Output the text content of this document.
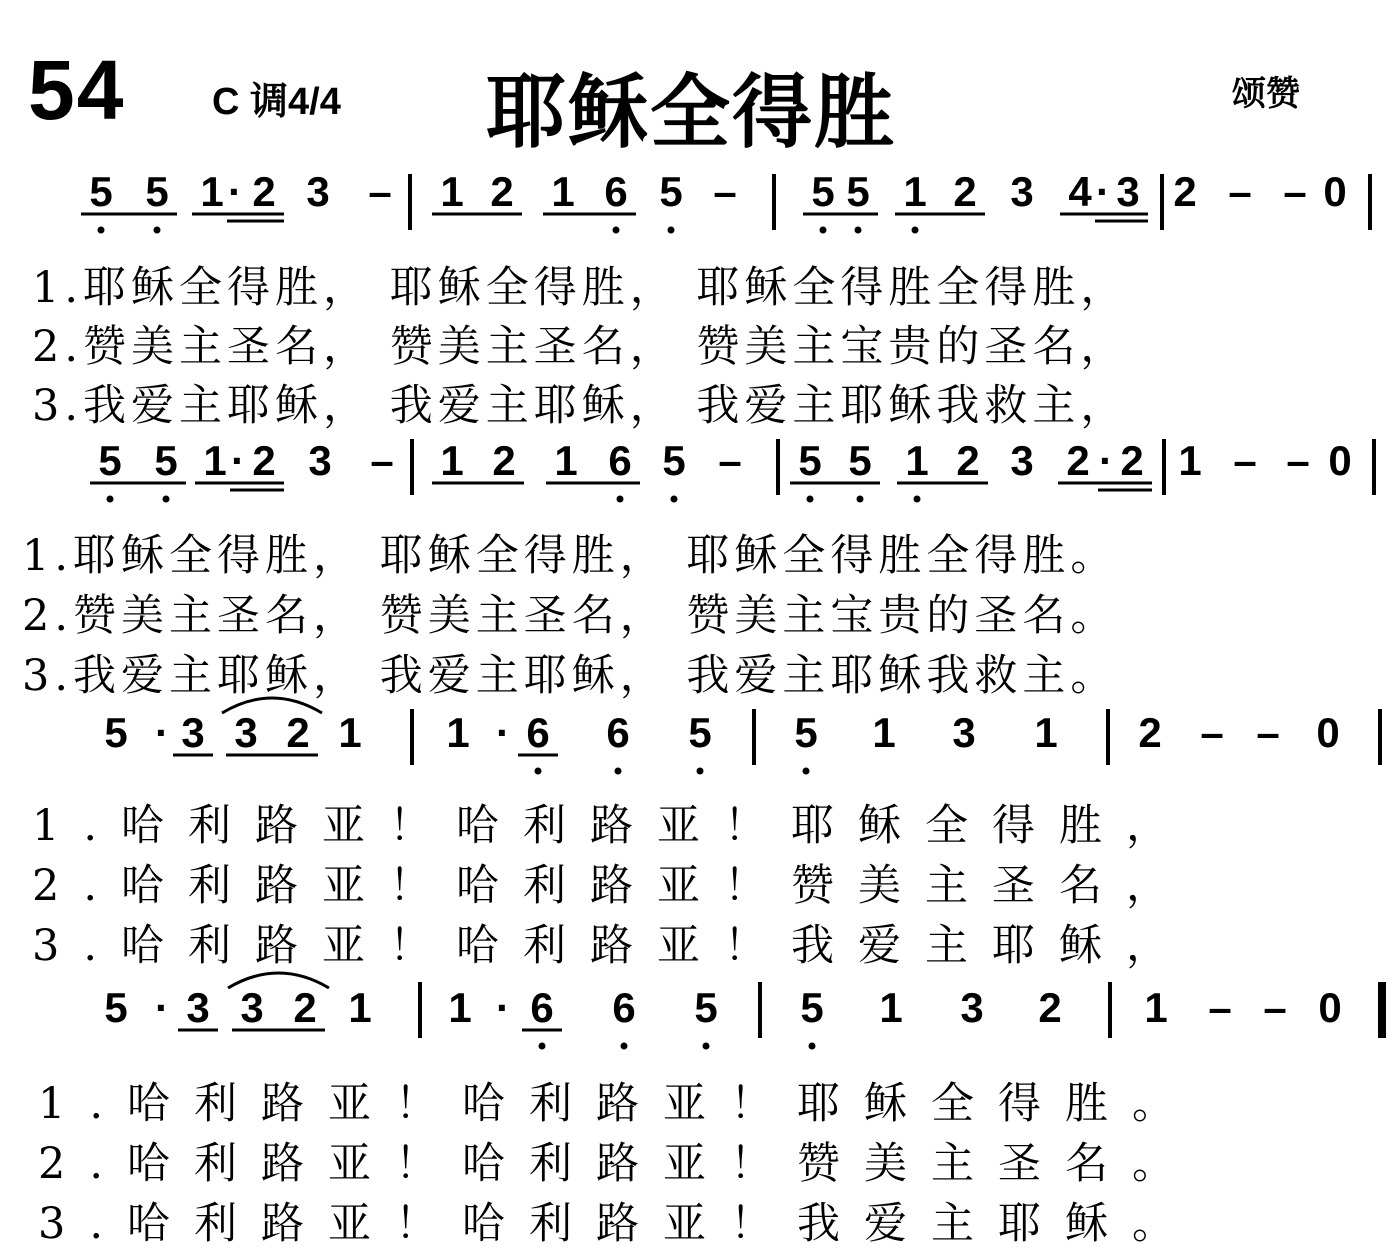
54 C 调4/4 耶稣全得胜	颂赞
5 5 1 · 2 3 – 1 2 1 6 5 – 5 5 1 2 3 4 · 3 2 – – 0
1.耶稣全得胜， 耶稣全得胜， 耶稣全得胜全得胜，
2.赞美主圣名， 赞美主圣名， 赞美主宝贵的圣名，
3.我爱主耶稣， 我爱主耶稣， 我爱主耶稣我救主，
5 5 1 · 2 3 – 1 2 1 6 5 – 5 5 1 2 3 2 · 2 1 – – 0
1.耶稣全得胜， 耶稣全得胜， 耶稣全得胜全得胜。
2.赞美主圣名， 赞美主圣名， 赞美主宝贵的圣名。
3.我爱主耶稣， 我爱主耶稣， 我爱主耶稣我救主。
5 · 3 3 2 1 1 · 6 6 5 5 1 3 1 2 – – 0
1.哈利路亚！哈利路亚！耶稣全得胜，
2.哈利路亚！哈利路亚！赞美主圣名，
3.哈利路亚！哈利路亚！我爱主耶稣，
5 · 3 3 2 1 1 · 6 6 5 5 1 3 2 1 – – 0
1.哈利路亚！哈利路亚！耶稣全得胜。
2.哈利路亚！哈利路亚！赞美主圣名。
3.哈利路亚！哈利路亚！我爱主耶稣。
